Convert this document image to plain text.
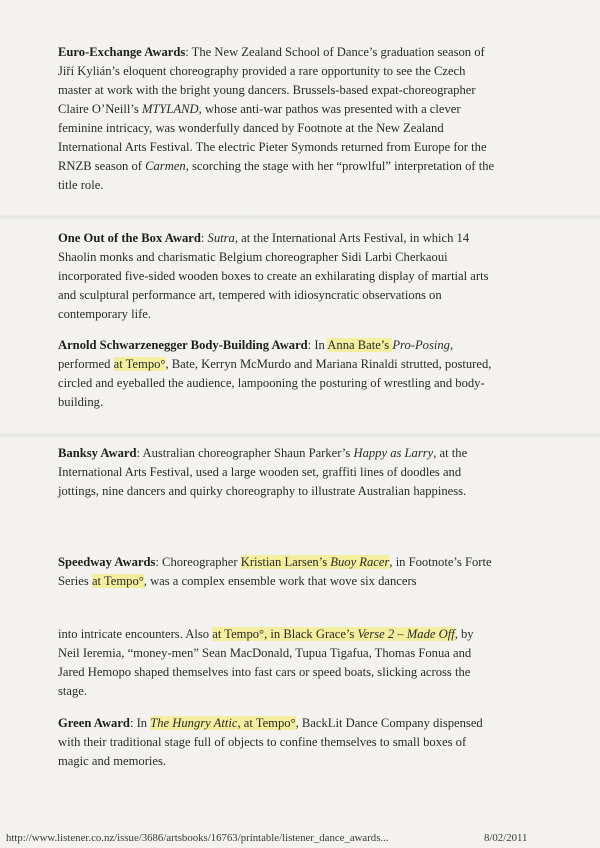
Euro-Exchange Awards: The New Zealand School of Dance’s graduation season of Jiří Kylián’s eloquent choreography provided a rare opportunity to see the Czech master at work with the bright young dancers. Brussels-based expat-choreographer Claire O’Neill’s MTYLAND, whose anti-war pathos was presented with a clever feminine intricacy, was wonderfully danced by Footnote at the New Zealand International Arts Festival. The electric Pieter Symonds returned from Europe for the RNZB season of Carmen, scorching the stage with her “prowlful” interpretation of the title role.

One Out of the Box Award: Sutra, at the International Arts Festival, in which 14 Shaolin monks and charismatic Belgium choreographer Sidi Larbi Cherkaoui incorporated five-sided wooden boxes to create an exhilarating display of martial arts and sculptural performance art, tempered with idiosyncratic observations on contemporary life.

Arnold Schwarzenegger Body-Building Award: In Anna Bate’s Pro-Posing, performed at Tempo°, Bate, Kerryn McMurdo and Mariana Rinaldi strutted, postured, circled and eyeballed the audience, lampooning the posturing of wrestling and body-building.

Banksy Award: Australian choreographer Shaun Parker’s Happy as Larry, at the International Arts Festival, used a large wooden set, graffiti lines of doodles and jottings, nine dancers and quirky choreography to illustrate Australian happiness.

Speedway Awards: Choreographer Kristian Larsen’s Buoy Racer, in Footnote’s Forte Series at Tempo°, was a complex ensemble work that wove six dancers

into intricate encounters. Also at Tempo°, in Black Grace’s Verse 2 – Made Off, by Neil Ieremia, “money-men” Sean MacDonald, Tupua Tigafua, Thomas Fonua and Jared Hemopo shaped themselves into fast cars or speed boats, slicking across the stage.

Green Award: In The Hungry Attic, at Tempo°, BackLit Dance Company dispensed with their traditional stage full of objects to confine themselves to small boxes of magic and memories.

http://www.listener.co.nz/issue/3686/artsbooks/16763/printable/listener_dance_awards...	8/02/2011
